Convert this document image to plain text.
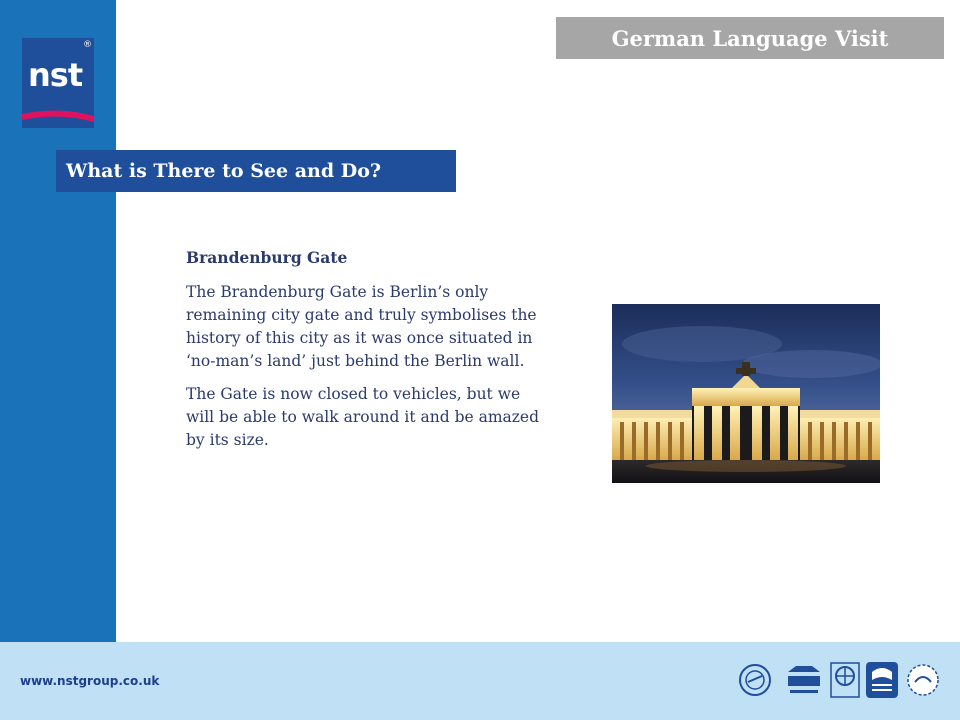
nst
®	German Language Visit
What is There to See and Do?
Brandenburg Gate

The Brandenburg Gate is Berlin’s only remaining city gate and truly symbolises the history of this city as it was once situated in ‘no-man’s land’ just behind the Berlin wall.

The Gate is now closed to vehicles, but we will be able to walk around it and be amazed by its size.

www.nstgroup.co.uk
